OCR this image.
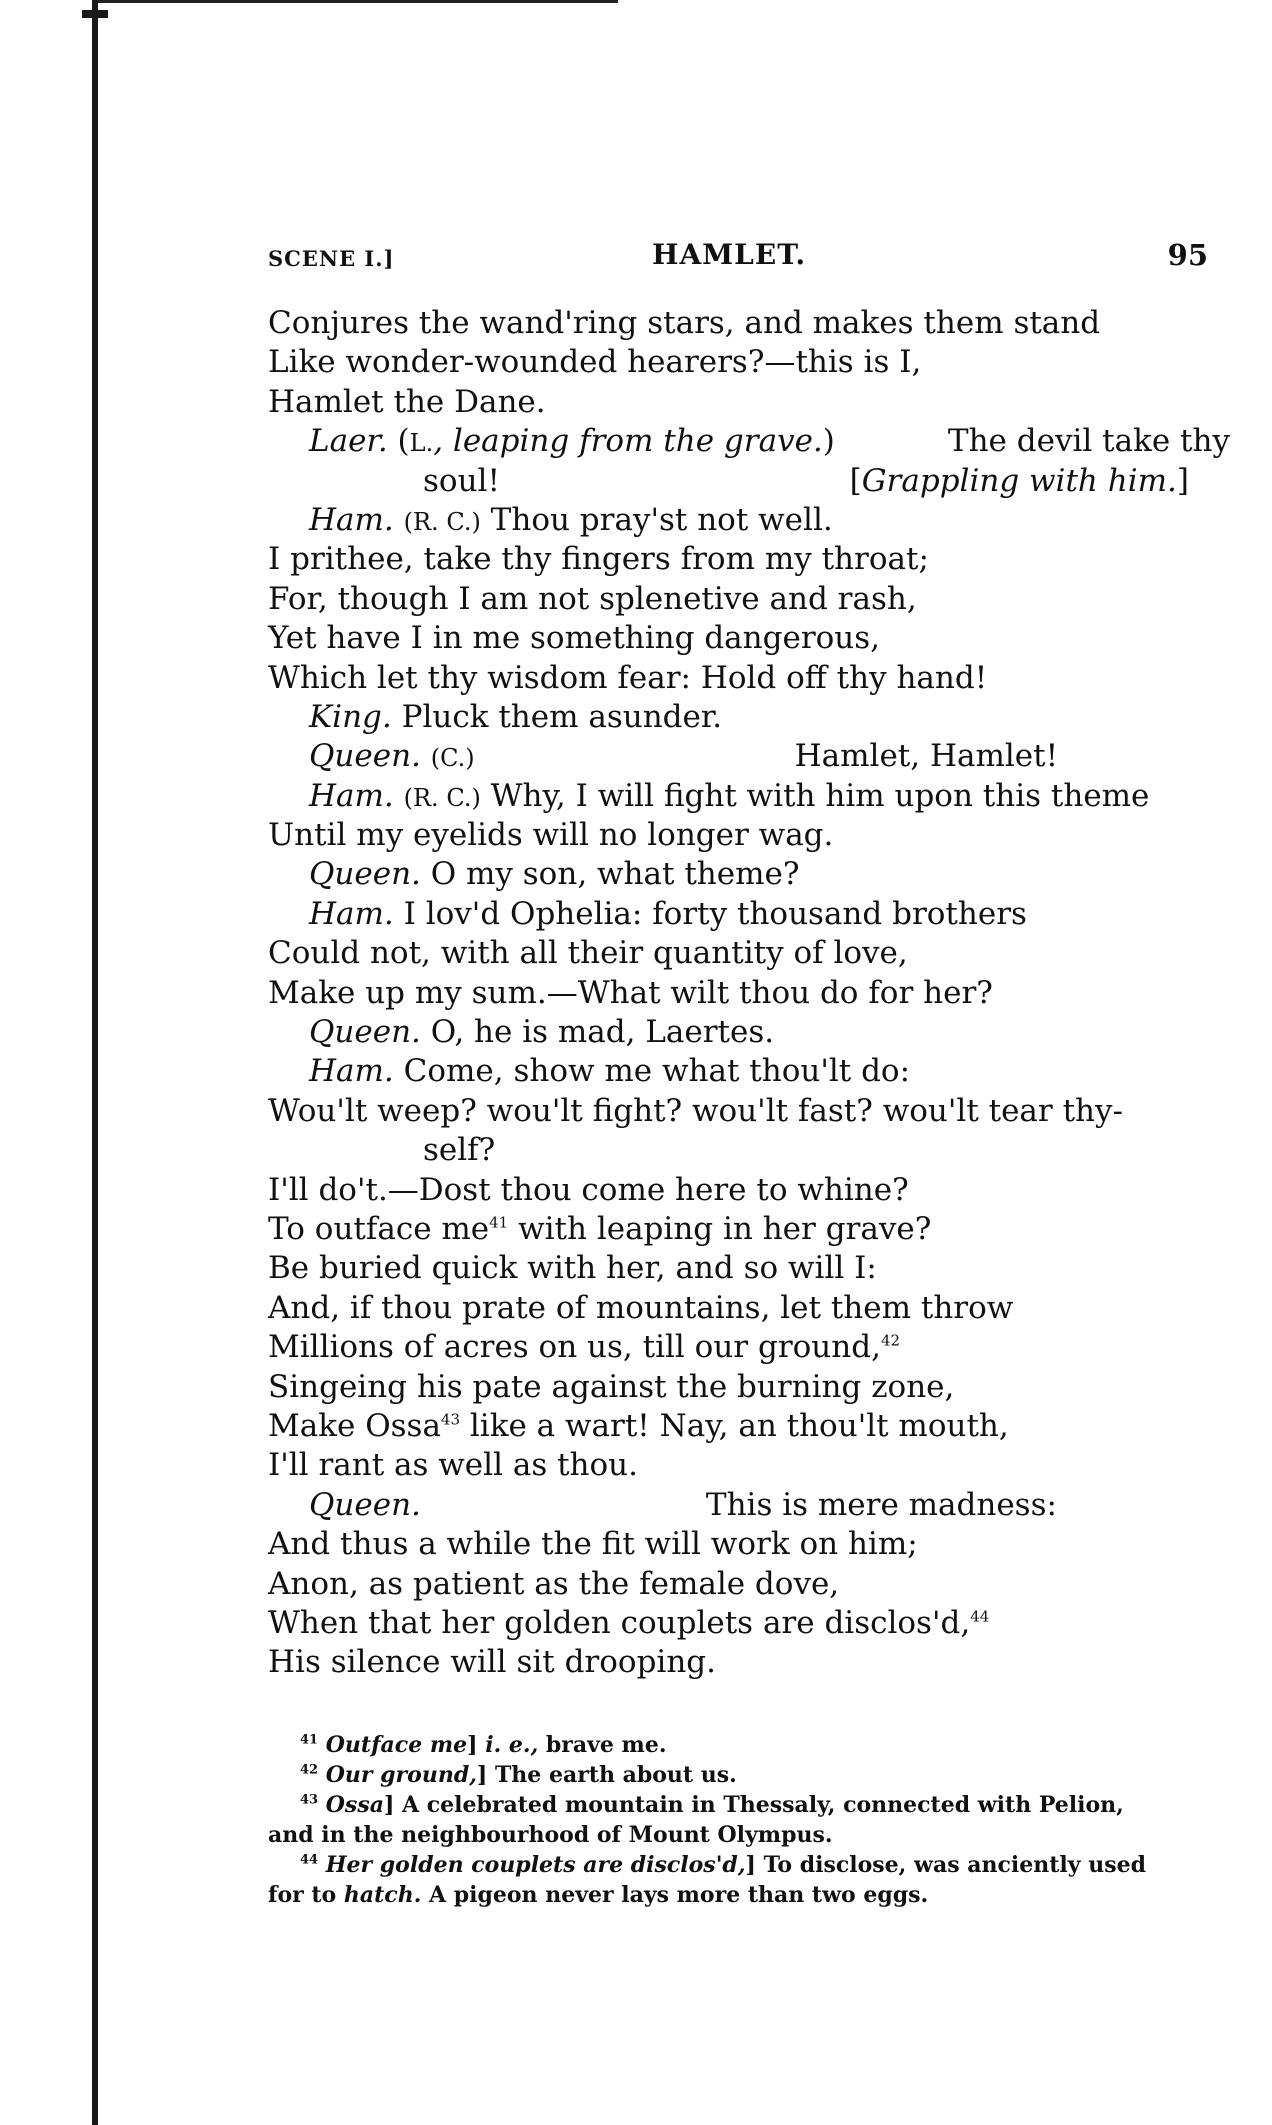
SCENE I.]	HAMLET.	95
Conjures the wand'ring stars, and makes them stand
Like wonder-wounded hearers?—this is I,
Hamlet the Dane.
Laer. (L., leaping from the grave.)	The devil take thy
soul!	[Grappling with him.]
Ham. (R. C.) Thou pray'st not well.
I prithee, take thy fingers from my throat;
For, though I am not splenetive and rash,
Yet have I in me something dangerous,
Which let thy wisdom fear: Hold off thy hand!
King. Pluck them asunder.
Queen. (C.)	Hamlet, Hamlet!
Ham. (R. C.) Why, I will fight with him upon this theme
Until my eyelids will no longer wag.
Queen. O my son, what theme?
Ham. I lov'd Ophelia: forty thousand brothers
Could not, with all their quantity of love,
Make up my sum.—What wilt thou do for her?
Queen. O, he is mad, Laertes.
Ham. Come, show me what thou'lt do:
Wou'lt weep? wou'lt fight? wou'lt fast? wou'lt tear thy-
self?
I'll do't.—Dost thou come here to whine?
To outface $me^{41}$ with leaping in her grave?
Be buried quick with her, and so will I:
And, if thou prate of mountains, let them throw
Millions of acres on us, till our ground,$^{42}$
Singeing his pate against the burning zone,
Make Ossa$^{43}$ like a wart! Nay, an thou'lt mouth,
I'll rant as well as thou.
Queen.	This is mere madness:
And thus a while the fit will work on him;
Anon, as patient as the female dove,
When that her golden couplets are disclos'd,$^{44}$
His silence will sit drooping.
$^{41}$ Outface me] i. e., brave me.
$^{42}$ Our ground,] The earth about us.
$^{43}$ Ossa] A celebrated mountain in Thessaly, connected with Pelion,
and in the neighbourhood of Mount Olympus.
$^{44}$ Her golden couplets are disclos'd,] To disclose, was anciently used
for to hatch. A pigeon never lays more than two eggs.
